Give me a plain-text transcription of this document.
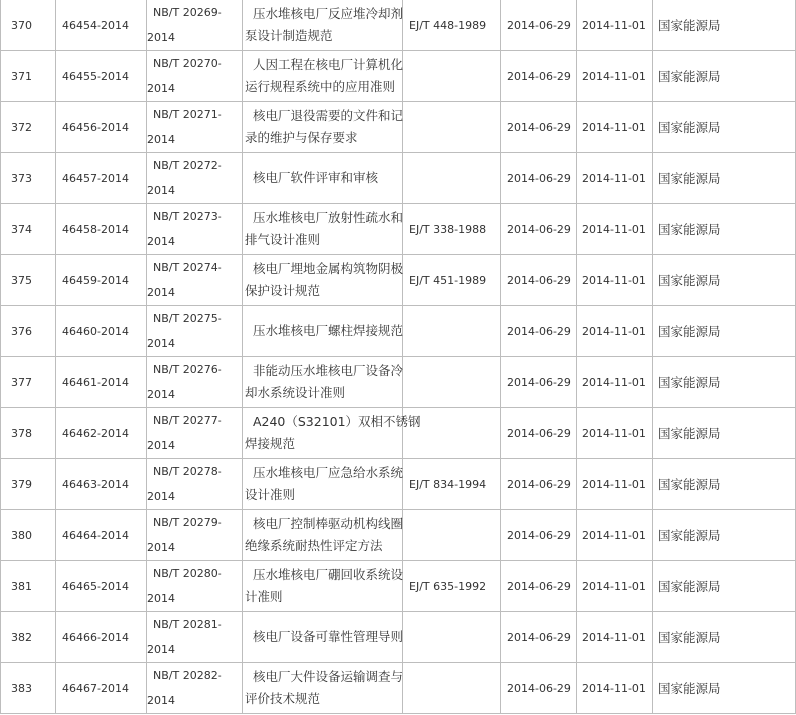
370	46454-2014	NB/T 20269-
2014	压水堆核电厂反应堆冷却剂
泵设计制造规范	EJ/T 448-1989	2014-06-29	2014-11-01	国家能源局
371	46455-2014	NB/T 20270-
2014	人因工程在核电厂计算机化
运行规程系统中的应用准则		2014-06-29	2014-11-01	国家能源局
372	46456-2014	NB/T 20271-
2014	核电厂退役需要的文件和记
录的维护与保存要求		2014-06-29	2014-11-01	国家能源局
373	46457-2014	NB/T 20272-
2014	核电厂软件评审和审核		2014-06-29	2014-11-01	国家能源局
374	46458-2014	NB/T 20273-
2014	压水堆核电厂放射性疏水和
排气设计准则	EJ/T 338-1988	2014-06-29	2014-11-01	国家能源局
375	46459-2014	NB/T 20274-
2014	核电厂埋地金属构筑物阴极
保护设计规范	EJ/T 451-1989	2014-06-29	2014-11-01	国家能源局
376	46460-2014	NB/T 20275-
2014	压水堆核电厂螺柱焊接规范		2014-06-29	2014-11-01	国家能源局
377	46461-2014	NB/T 20276-
2014	非能动压水堆核电厂设备冷
却水系统设计准则		2014-06-29	2014-11-01	国家能源局
378	46462-2014	NB/T 20277-
2014	A240（S32101）双相不锈钢
焊接规范		2014-06-29	2014-11-01	国家能源局
379	46463-2014	NB/T 20278-
2014	压水堆核电厂应急给水系统
设计准则	EJ/T 834-1994	2014-06-29	2014-11-01	国家能源局
380	46464-2014	NB/T 20279-
2014	核电厂控制棒驱动机构线圈
绝缘系统耐热性评定方法		2014-06-29	2014-11-01	国家能源局
381	46465-2014	NB/T 20280-
2014	压水堆核电厂硼回收系统设
计准则	EJ/T 635-1992	2014-06-29	2014-11-01	国家能源局
382	46466-2014	NB/T 20281-
2014	核电厂设备可靠性管理导则		2014-06-29	2014-11-01	国家能源局
383	46467-2014	NB/T 20282-
2014	核电厂大件设备运输调查与
评价技术规范		2014-06-29	2014-11-01	国家能源局
